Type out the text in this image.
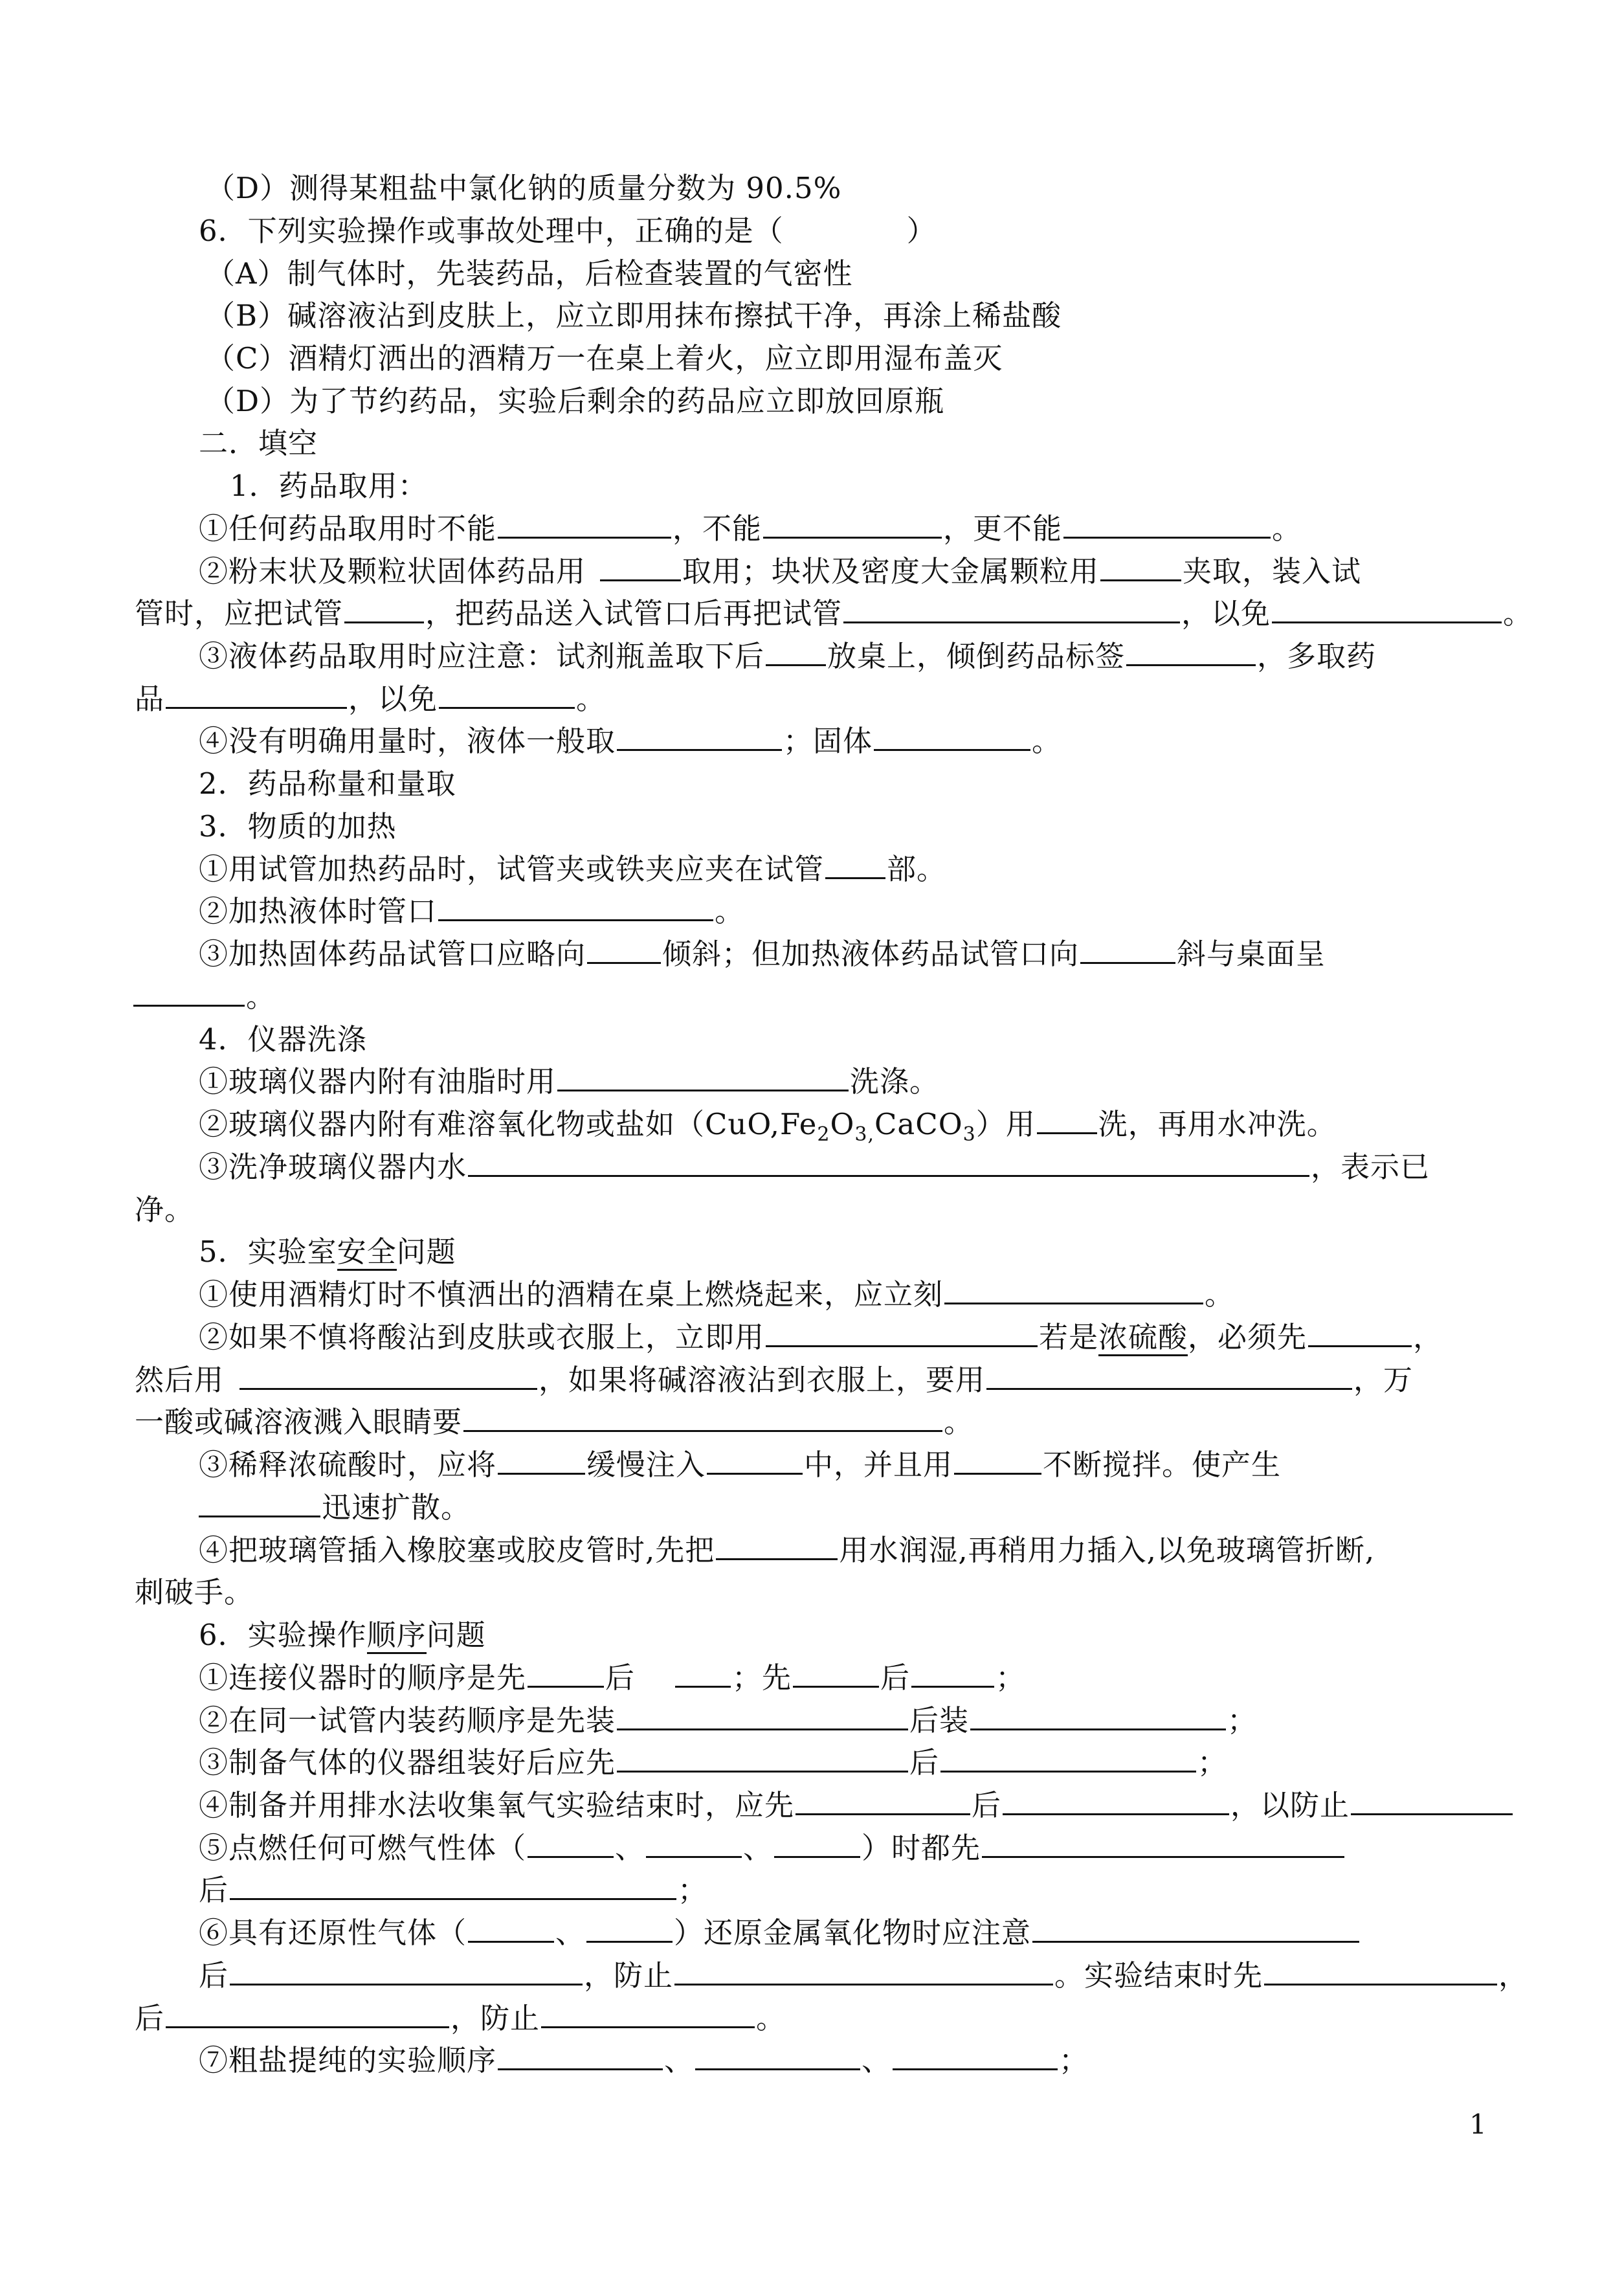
（D）测得某粗盐中氯化钠的质量分数为 90.5%
6．下列实验操作或事故处理中，正确的是（	）
（A）制气体时，先装药品，后检查装置的气密性
（B）碱溶液沾到皮肤上，应立即用抹布擦拭干净，再涂上稀盐酸
（C）酒精灯洒出的酒精万一在桌上着火，应立即用湿布盖灭
（D）为了节约药品，实验后剩余的药品应立即放回原瓶
二．填空
1．药品取用：
①任何药品取用时不能	，不能	，更不能	。
②粉末状及颗粒状固体药品用	取用；块状及密度大金属颗粒用	夹取，装入试
管时，应把试管	，把药品送入试管口后再把试管	，以免	。
③液体药品取用时应注意：试剂瓶盖取下后 放桌上，倾倒药品标签	，多取药
品	，以免	。
④没有明确用量时，液体一般取	；固体	。
2．药品称量和量取
3．物质的加热
①用试管加热药品时，试管夹或铁夹应夹在试管 部。
②加热液体时管口	。
③加热固体药品试管口应略向	倾斜；但加热液体药品试管口向	斜与桌面呈
。
4．仪器洗涤
①玻璃仪器内附有油脂时用	洗涤。
②玻璃仪器内附有难溶氧化物或盐如$(CuO,Fe_2O_{3,}CaCO_3)$用 洗，再用水冲洗。
③洗净玻璃仪器内水	，表示已
净。
5．实验室安全问题
①使用酒精灯时不慎洒出的酒精在桌上燃烧起来，应立刻	。
②如果不慎将酸沾到皮肤或衣服上，立即用	若是浓硫酸，必须先	，
然后用	，如果将碱溶液沾到衣服上，要用	，万
一酸或碱溶液溅入眼睛要	。
③稀释浓硫酸时，应将	缓慢注入	中，并且用	不断搅拌。使产生
迅速扩散。
④把玻璃管插入橡胶塞或胶皮管时,先把	用水润湿,再稍用力插入,以免玻璃管折断,
刺破手。
6．实验操作顺序问题
①连接仪器时的顺序是先	后	；先	后	；
②在同一试管内装药顺序是先装	后装	；
③制备气体的仪器组装好后应先	后	；
④制备并用排水法收集氧气实验结束时，应先	后	，以防止
⑤点燃任何可燃气性体（	、	、	）时都先
后	；
⑥具有还原性气体（	、	）还原金属氧化物时应注意
后	，防止	。实验结束时先	，
后	，防止	。
⑦粗盐提纯的实验顺序	、	、	；
1
